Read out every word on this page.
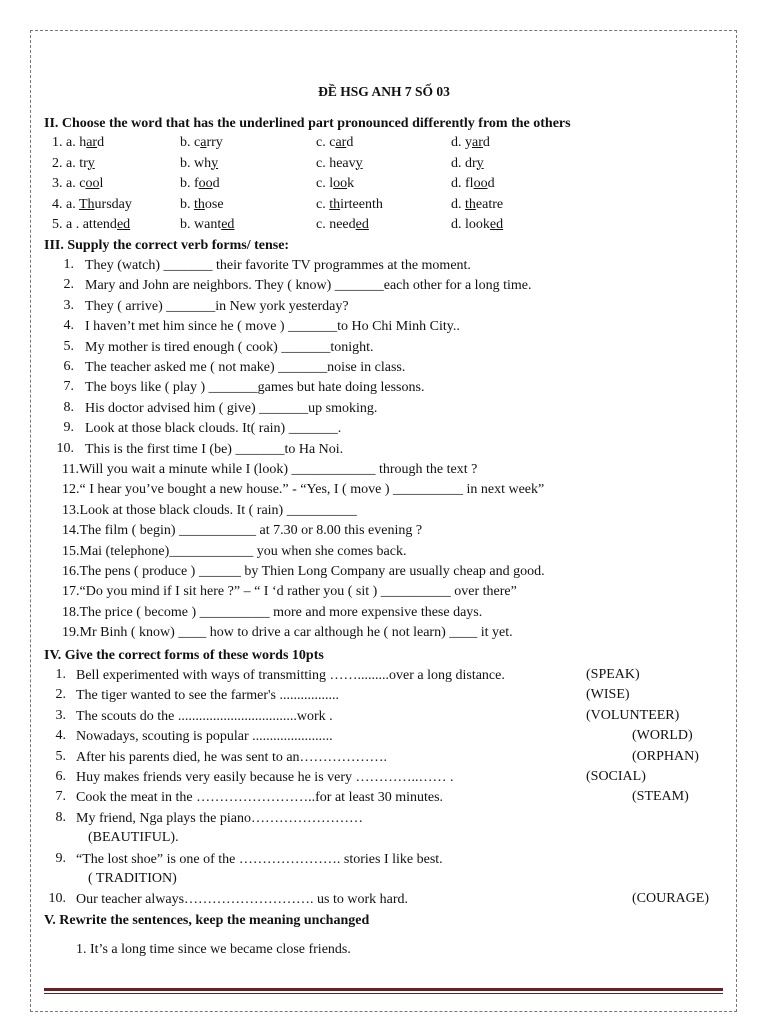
ĐỀ HSG ANH 7 SỐ 03
II. Choose the word that has the underlined part pronounced differently from the others
1. a. hard	b. carry	c. card	d. yard
2. a. try	b. why	c. heavy	d. dry
3. a. cool	b. food	c. look	d. flood
4. a. Thursday	b. those	c. thirteenth	d. theatre
5. a . attended	b. wanted	c. needed	d. looked
III. Supply the correct verb forms/ tense:
1. They (watch) _______ their favorite TV programmes at the moment.
2. Mary and John are neighbors. They ( know) _______each other for a long time.
3. They ( arrive) _______in New york yesterday?
4. I haven’t met him since he ( move ) _______to Ho Chi Minh City..
5. My mother is tired enough ( cook) _______tonight.
6. The teacher asked me ( not make) _______noise in class.
7. The boys like ( play ) _______games but hate doing lessons.
8. His doctor advised him ( give) _______up smoking.
9. Look at those black clouds. It( rain) _______.
10. This is the first time I (be) _______to Ha Noi.
11.Will you wait a minute while I (look) ____________ through the text ?
12.“ I hear you’ve bought a new house.” - “Yes, I ( move ) __________ in next week”
13.Look at those black clouds. It ( rain) __________
14.The film ( begin) ___________ at 7.30 or 8.00 this evening ?
15.Mai (telephone)____________ you when she comes back.
16.The pens ( produce ) ______ by Thien Long Company are usually cheap and good.
17.“Do you mind if I sit here ?” – “ I ‘d rather you ( sit ) __________ over there”
18.The price ( become ) __________ more and more expensive these days.
19.Mr Binh ( know) ____ how to drive a car although he ( not learn) ____ it yet.
IV. Give the correct forms of these words 10pts
1. Bell experimented with ways of transmitting …….........over a long distance.	(SPEAK)
2. The tiger wanted to see the farmer's .................	(WISE)
3. The scouts do the ..................................work .	(VOLUNTEER)
4. Nowadays, scouting is popular .......................	(WORLD)
5. After his parents died, he was sent to an……………….	(ORPHAN)
6. Huy makes friends very easily because he is very …………..…… .	(SOCIAL)
7. Cook the meat in the ……………………..for at least 30 minutes.	(STEAM)
8. My friend, Nga plays the piano……………………
(BEAUTIFUL).
9. “The lost shoe” is one of the …………………. stories I like best.
( TRADITION)
10. Our teacher always………………………. us to work hard.	(COURAGE)
V. Rewrite the sentences, keep the meaning unchanged
1. It’s a long time since we became close friends.
